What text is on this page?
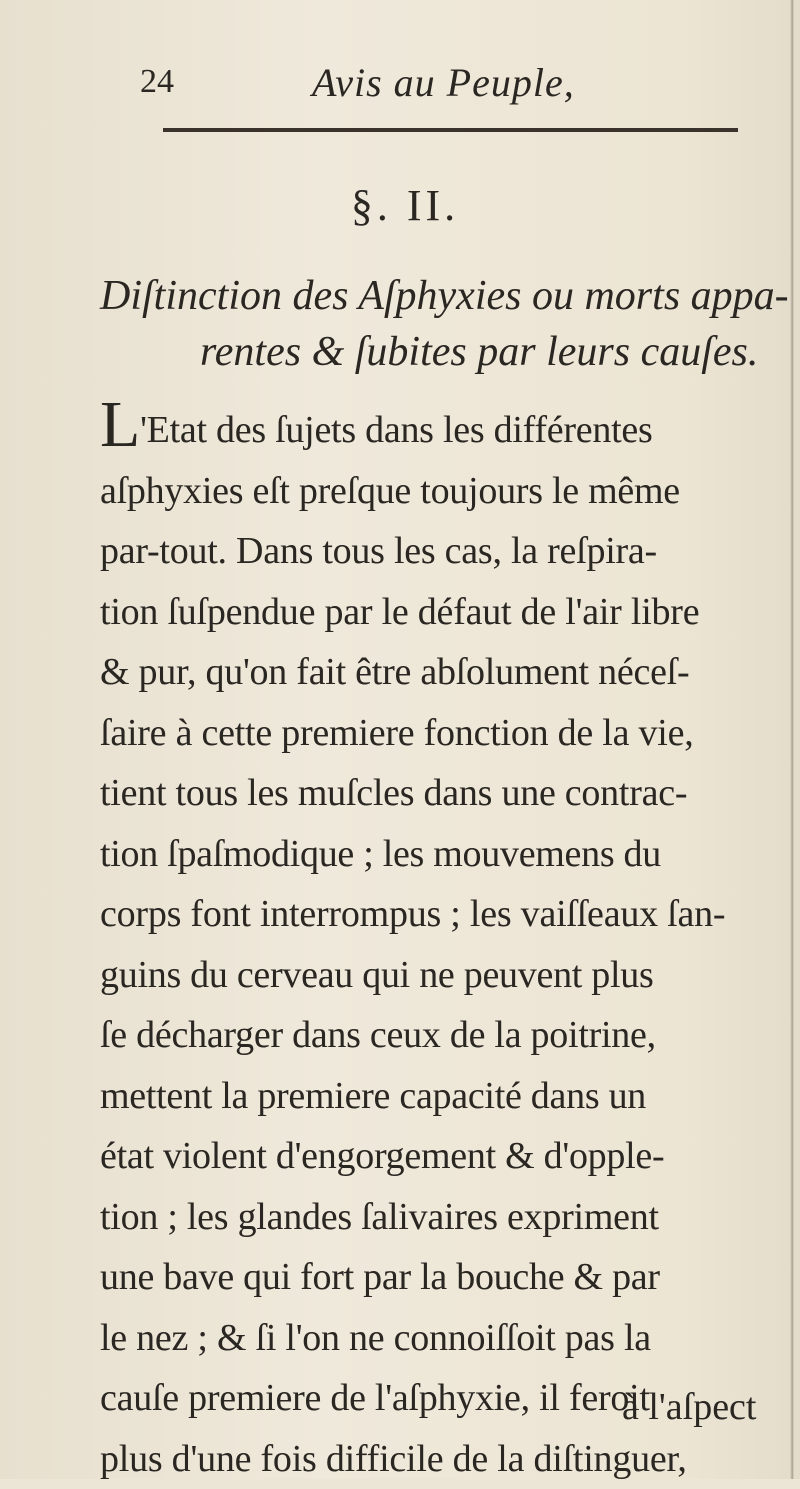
24	Avis au Peuple,
§. II.
Diſtinction des Aſphyxies ou morts appa-
rentes & ſubites par leurs cauſes.
L'Etat des ſujets dans les différentes
aſphyxies eſt preſque toujours le même
par-tout. Dans tous les cas, la reſpira-
tion ſuſpendue par le défaut de l'air libre
& pur, qu'on fait être abſolument néceſ-
ſaire à cette premiere fonction de la vie,
tient tous les muſcles dans une contrac-
tion ſpaſmodique ; les mouvemens du
corps font interrompus ; les vaiſſeaux ſan-
guins du cerveau qui ne peuvent plus
ſe décharger dans ceux de la poitrine,
mettent la premiere capacité dans un
état violent d'engorgement & d'opple-
tion ; les glandes ſalivaires expriment
une bave qui fort par la bouche & par
le nez ; & ſi l'on ne connoiſſoit pas la
cauſe premiere de l'aſphyxie, il feroit
plus d'une fois difficile de la diſtinguer,
à l'aſpect
